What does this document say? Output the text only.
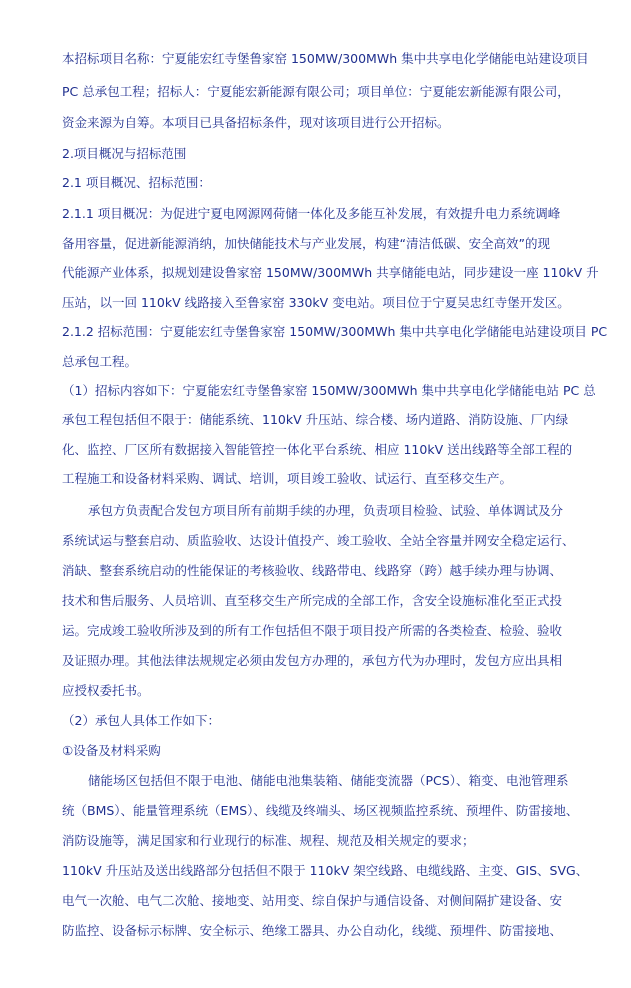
本招标项目名称：宁夏能宏红寺堡鲁家窑 150MW/300MWh 集中共享电化学储能电站建设项目
PC 总承包工程；招标人：宁夏能宏新能源有限公司；项目单位：宁夏能宏新能源有限公司，
资金来源为自筹。本项目已具备招标条件，现对该项目进行公开招标。
2.项目概况与招标范围
2.1 项目概况、招标范围：
2.1.1 项目概况：为促进宁夏电网源网荷储一体化及多能互补发展，有效提升电力系统调峰
备用容量，促进新能源消纳，加快储能技术与产业发展，构建“清洁低碳、安全高效”的现
代能源产业体系，拟规划建设鲁家窑 150MW/300MWh 共享储能电站，同步建设一座 110kV 升
压站，以一回 110kV 线路接入至鲁家窑 330kV 变电站。项目位于宁夏吴忠红寺堡开发区。
2.1.2 招标范围：宁夏能宏红寺堡鲁家窑 150MW/300MWh 集中共享电化学储能电站建设项目 PC
总承包工程。
（1）招标内容如下：宁夏能宏红寺堡鲁家窑 150MW/300MWh 集中共享电化学储能电站 PC 总
承包工程包括但不限于：储能系统、110kV 升压站、综合楼、场内道路、消防设施、厂内绿
化、监控、厂区所有数据接入智能管控一体化平台系统、相应 110kV 送出线路等全部工程的
工程施工和设备材料采购、调试、培训，项目竣工验收、试运行、直至移交生产。
承包方负责配合发包方项目所有前期手续的办理，负责项目检验、试验、单体调试及分
系统试运与整套启动、质监验收、达设计值投产、竣工验收、全站全容量并网安全稳定运行、
消缺、整套系统启动的性能保证的考核验收、线路带电、线路穿（跨）越手续办理与协调、
技术和售后服务、人员培训、直至移交生产所完成的全部工作，含安全设施标准化至正式投
运。完成竣工验收所涉及到的所有工作包括但不限于项目投产所需的各类检查、检验、验收
及证照办理。其他法律法规规定必须由发包方办理的，承包方代为办理时，发包方应出具相
应授权委托书。
（2）承包人具体工作如下：
①设备及材料采购
储能场区包括但不限于电池、储能电池集装箱、储能变流器（PCS）、箱变、电池管理系
统（BMS）、能量管理系统（EMS）、线缆及终端头、场区视频监控系统、预埋件、防雷接地、
消防设施等，满足国家和行业现行的标准、规程、规范及相关规定的要求；
110kV 升压站及送出线路部分包括但不限于 110kV 架空线路、电缆线路、主变、GIS、SVG、
电气一次舱、电气二次舱、接地变、站用变、综自保护与通信设备、对侧间隔扩建设备、安
防监控、设备标示标牌、安全标示、绝缘工器具、办公自动化，线缆、预埋件、防雷接地、
